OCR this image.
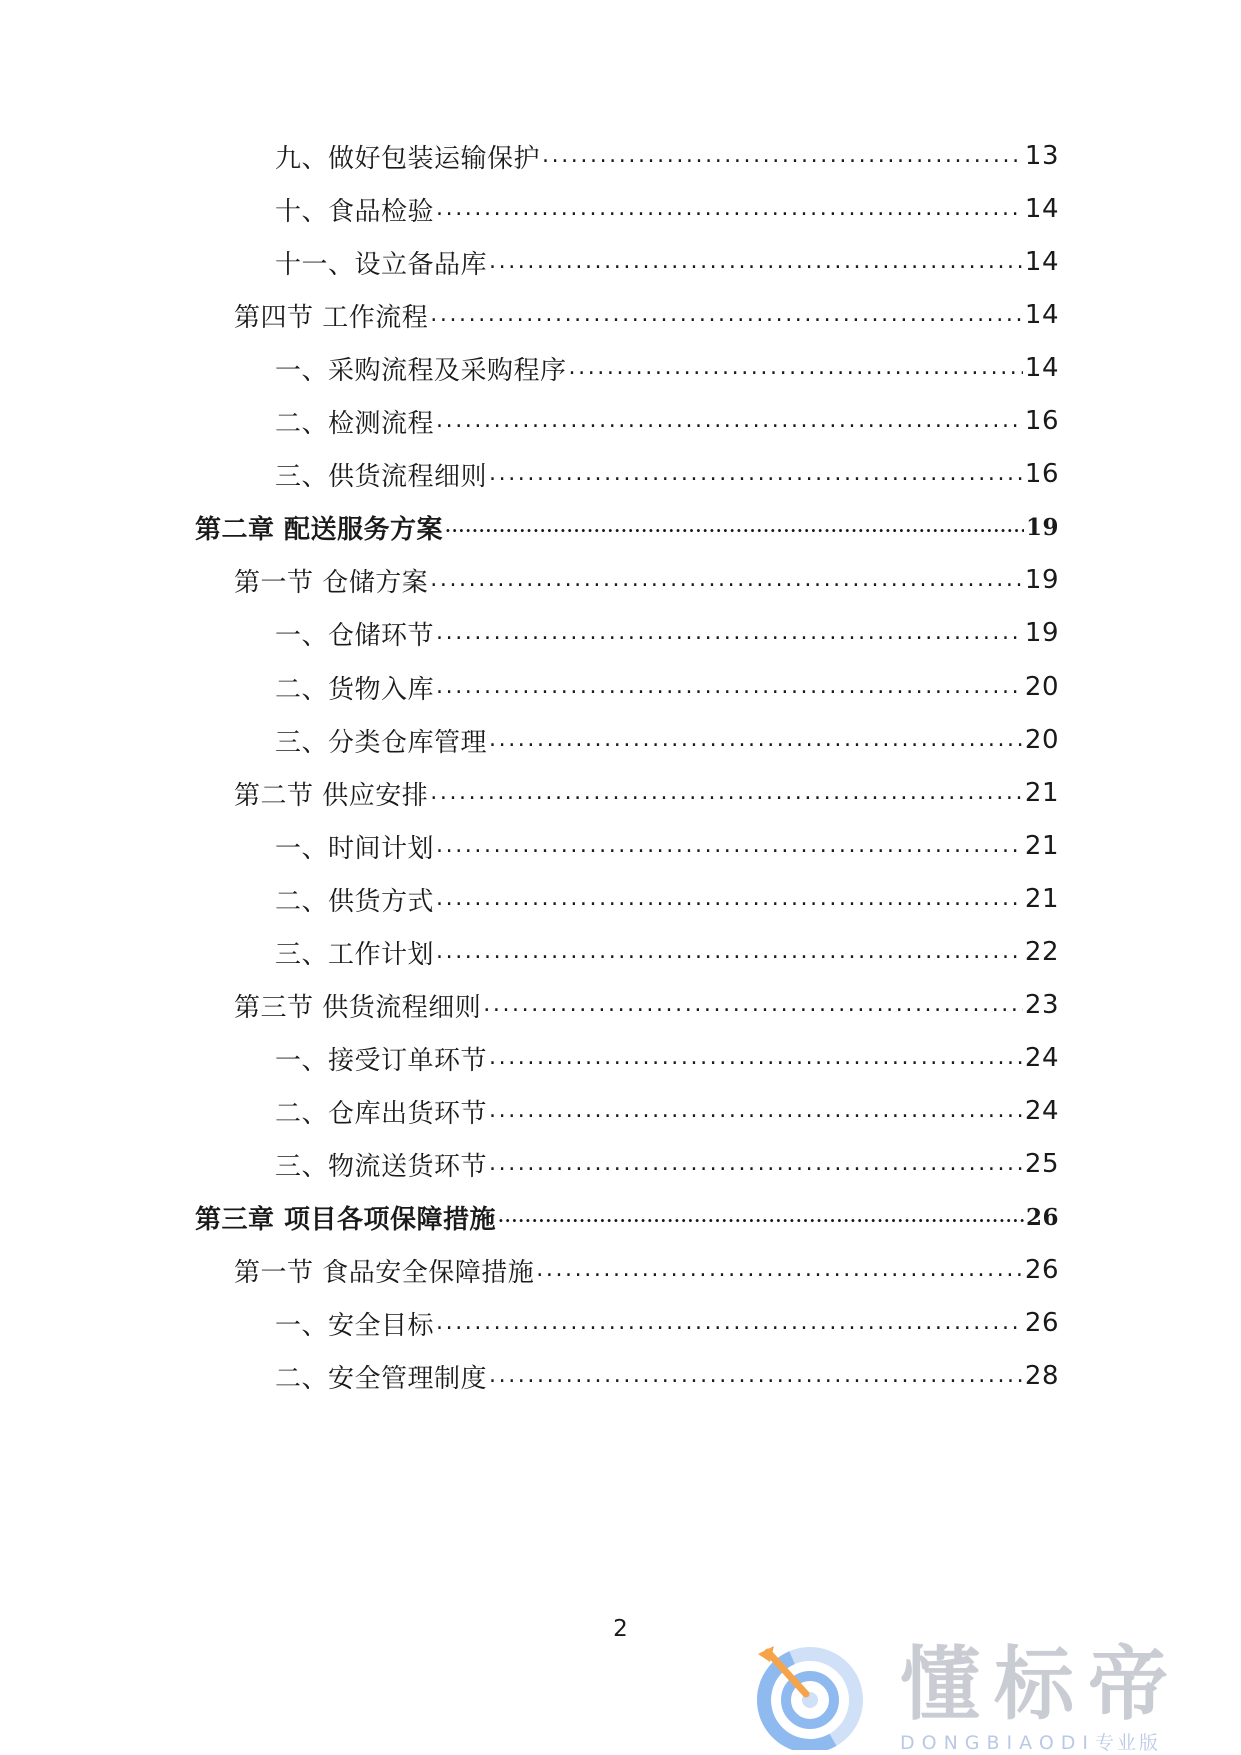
九、做好包装运输保护 .....	13
十、食品检验 .....	14
十一、设立备品库 .....	14
第四节 工作流程 .....	14
一、采购流程及采购程序 .....	14
二、检测流程 .....	16
三、供货流程细则 .....	16
第二章 配送服务方案 .....	19
第一节 仓储方案 .....	19
一、仓储环节 .....	19
二、货物入库 .....	20
三、分类仓库管理 .....	20
第二节 供应安排 .....	21
一、时间计划 .....	21
二、供货方式 .....	21
三、工作计划 .....	22
第三节 供货流程细则 .....	23
一、接受订单环节 .....	24
二、仓库出货环节 .....	24
三、物流送货环节 .....	25
第三章 项目各项保障措施 .....	26
第一节 食品安全保障措施 .....	26
一、安全目标 .....	26
二、安全管理制度 .....	28
2
懂标帝
DONGBIAODI专业版
